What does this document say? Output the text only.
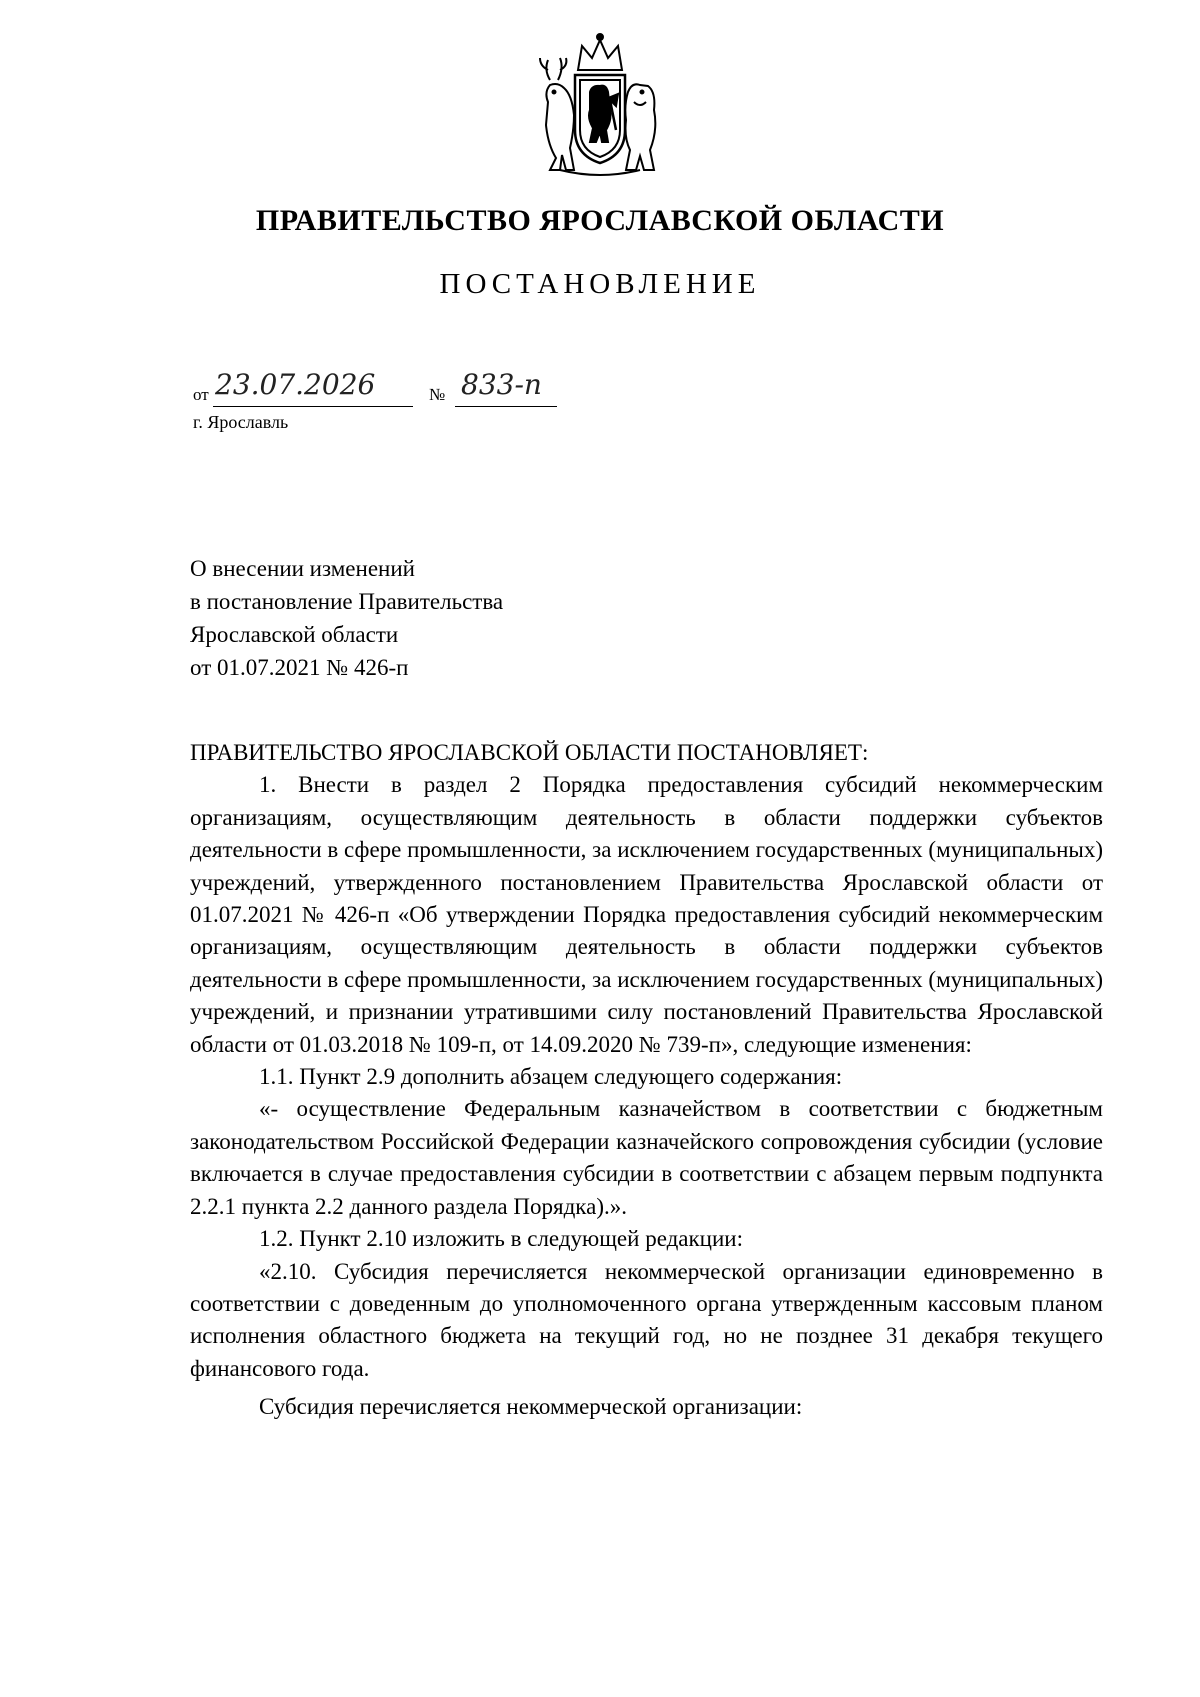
ПРАВИТЕЛЬСТВО ЯРОСЛАВСКОЙ ОБЛАСТИ
ПОСТАНОВЛЕНИЕ
от 23.07.2026	№ 833-п
г. Ярославль
О внесении изменений
в постановление Правительства
Ярославской области
от 01.07.2021 № 426-п

ПРАВИТЕЛЬСТВО ЯРОСЛАВСКОЙ ОБЛАСТИ ПОСТАНОВЛЯЕТ:

1. Внести в раздел 2 Порядка предоставления субсидий некоммерческим организациям, осуществляющим деятельность в области поддержки субъектов деятельности в сфере промышленности, за исключением государственных (муниципальных) учреждений, утвержденного постановлением Правительства Ярославской области от 01.07.2021 № 426-п «Об утверждении Порядка предоставления субсидий некоммерческим организациям, осуществляющим деятельность в области поддержки субъектов деятельности в сфере промышленности, за исключением государственных (муниципальных) учреждений, и признании утратившими силу постановлений Правительства Ярославской области от 01.03.2018 № 109-п, от 14.09.2020 № 739-п», следующие изменения:

1.1. Пункт 2.9 дополнить абзацем следующего содержания:

«- осуществление Федеральным казначейством в соответствии с бюджетным законодательством Российской Федерации казначейского сопровождения субсидии (условие включается в случае предоставления субсидии в соответствии с абзацем первым подпункта 2.2.1 пункта 2.2 данного раздела Порядка).».

1.2. Пункт 2.10 изложить в следующей редакции:

«2.10. Субсидия перечисляется некоммерческой организации единовременно в соответствии с доведенным до уполномоченного органа утвержденным кассовым планом исполнения областного бюджета на текущий год, но не позднее 31 декабря текущего финансового года.

Субсидия перечисляется некоммерческой организации:
